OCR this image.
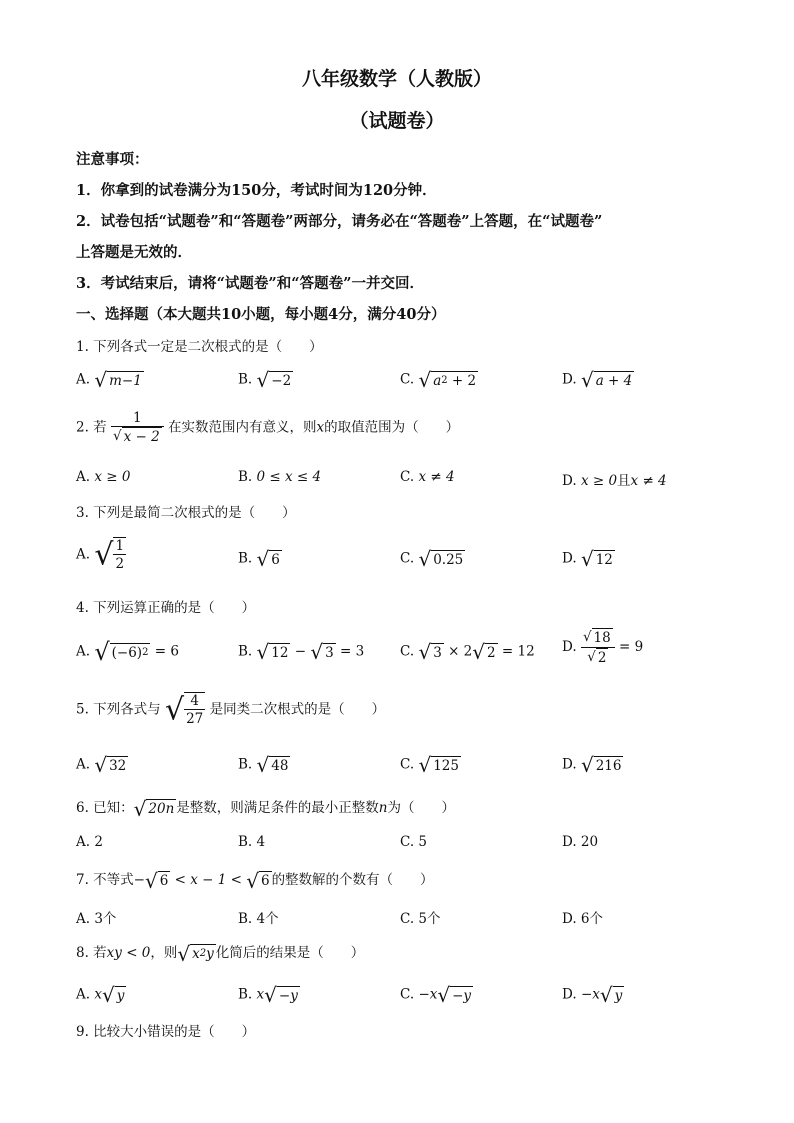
八年级数学（人教版）
（试题卷）
注意事项：
1．你拿到的试卷满分为150分，考试时间为120分钟．
2．试卷包括“试题卷”和“答题卷”两部分，请务必在“答题卷”上答题，在“试题卷”
上答题是无效的．
3．考试结束后，请将“试题卷”和“答题卷”一并交回．
一、选择题（本大题共10小题，每小题4分，满分40分）
1. 下列各式一定是二次根式的是（　　）
A. √ m−1	B. √ −2	C. √ $a^2 + 2$	D. √ a + 4
2. 若 $\frac{1}{√ x - 2}$ 在实数范围内有意义，则x的取值范围为（　　）
A. x ≥ 0	B. 0 ≤ x ≤ 4	C. x ≠ 4	D. x ≥ 0且x ≠ 4
3. 下列是最简二次根式的是（　　）
A. √ $\frac{1}{2}$	B. √ 6	C. √ 0.25	D. √ 12
4. 下列运算正确的是（　　）
A. √ $(-6)^2 = 6$	B. √ 12 − √ 3 = 3	C. √ 3 × 2√ 2 = 12 D. $\frac{√ 18}{√ 2} = 9$
5. 下列各式与 √ $\frac{4}{27}$ 是同类二次根式的是（　　）
A. √ 32	B. √ 48	C. √ 125	D. √ 216
6. 已知：√ 20n 是整数，则满足条件的最小正整数n为（　　）
A. 2	B. 4	C. 5	D. 20
7. 不等式−√ 6 < x − 1 < √ 6 的整数解的个数有（　　）
A. 3个	B. 4个	C. 5个	D. 6个
8. 若xy < 0，则√ $x^2y$ 化简后的结果是（　　）
A. x√ y	B. x√ −y	C. −x√ −y	D. −x√ y
9. 比较大小错误的是（　　）
